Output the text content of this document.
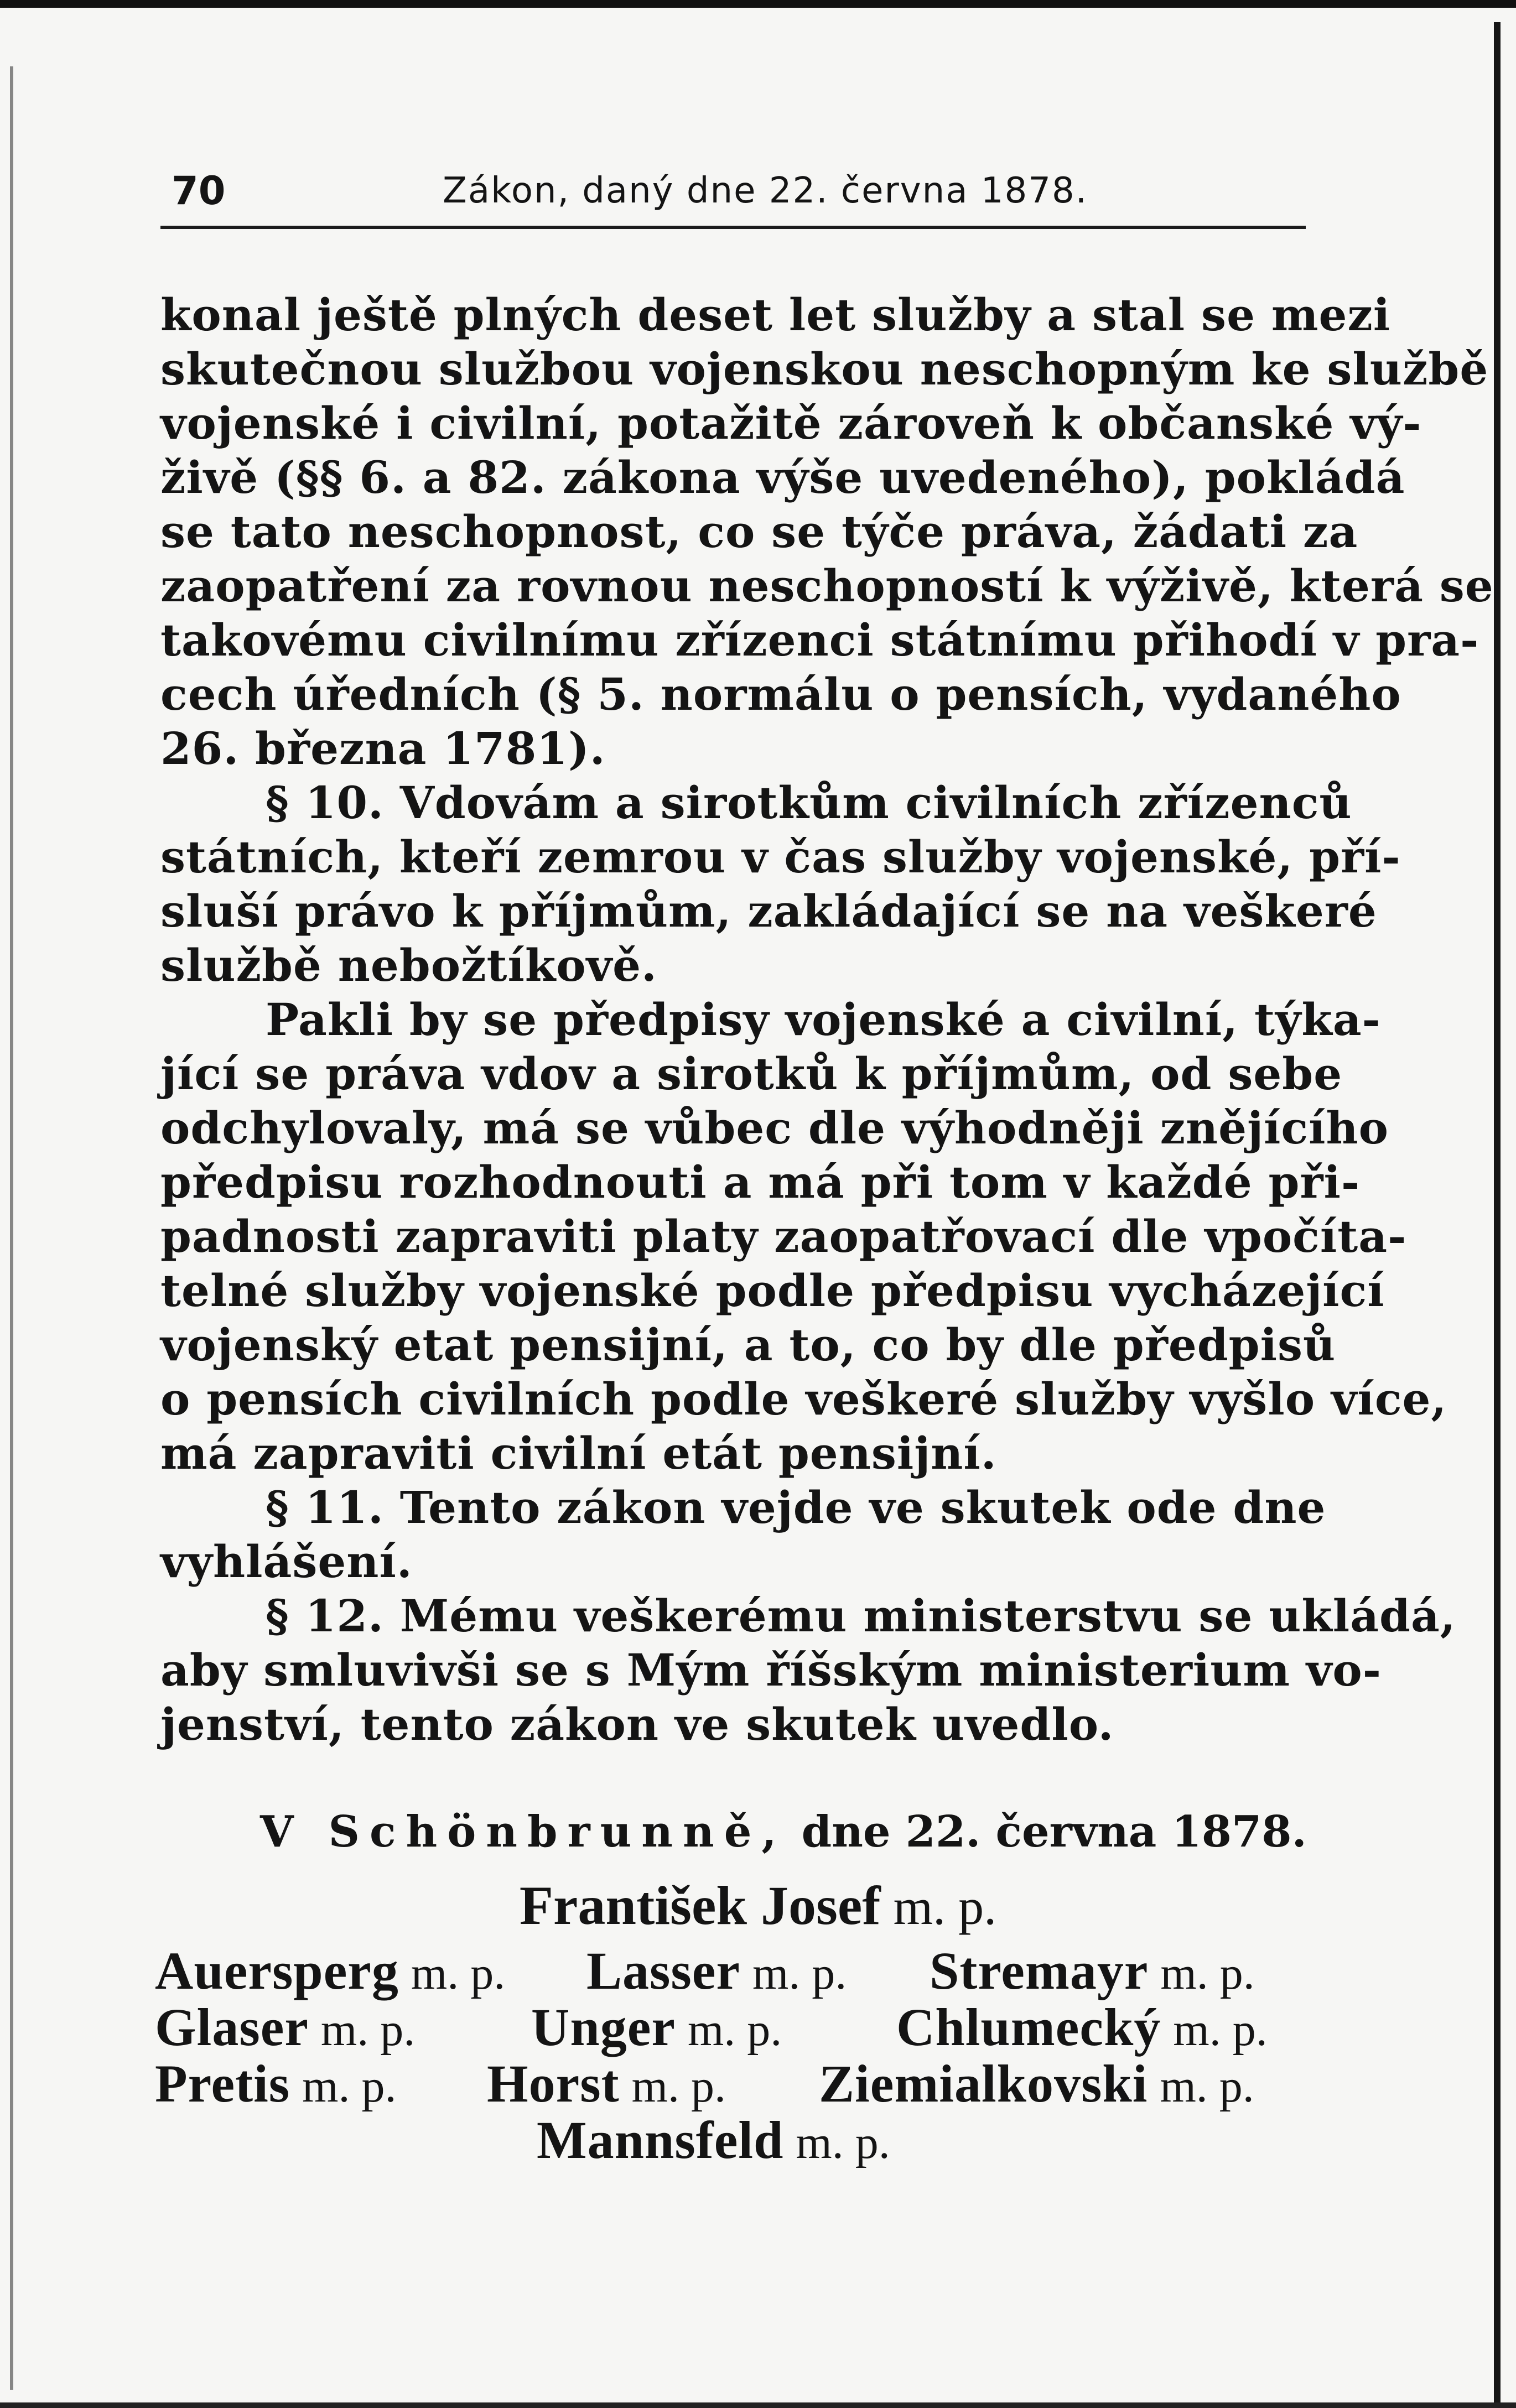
70	Zákon, daný dne 22. června 1878.
konal ještě plných deset let služby a stal se mezi
skutečnou službou vojenskou neschopným ke službě
vojenské i civilní, potažitě zároveň k občanské vý-
živě (§§ 6. a 82. zákona výše uvedeného), pokládá
se tato neschopnost, co se týče práva, žádati za
zaopatření za rovnou neschopností k výživě, která se
takovému civilnímu zřízenci státnímu přihodí v pra-
cech úředních (§ 5. normálu o pensích, vydaného
26. března 1781).
§ 10. Vdovám a sirotkům civilních zřízenců
státních, kteří zemrou v čas služby vojenské, pří-
sluší právo k příjmům, zakládající se na veškeré
službě nebožtíkově.
Pakli by se předpisy vojenské a civilní, týka-
jící se práva vdov a sirotků k příjmům, od sebe
odchylovaly, má se vůbec dle výhodněji znějícího
předpisu rozhodnouti a má při tom v každé při-
padnosti zapraviti platy zaopatřovací dle vpočíta-
telné služby vojenské podle předpisu vycházející
vojenský etat pensijní, a to, co by dle předpisů
o pensích civilních podle veškeré služby vyšlo více,
má zapraviti civilní etát pensijní.
§ 11. Tento zákon vejde ve skutek ode dne
vyhlášení.
§ 12. Mému veškerému ministerstvu se ukládá,
aby smluvivši se s Mým říšským ministerium vo-
jenství, tento zákon ve skutek uvedlo.
V Schönbrunně, dne 22. června 1878.
František Josef m. p.
Auersperg m. p. Lasser m. p. Stremayr m. p.
Glaser m. p. Unger m. p. Chlumecký m. p.
Pretis m. p. Horst m. p. Ziemialkovski m. p.
Mannsfeld m. p.
